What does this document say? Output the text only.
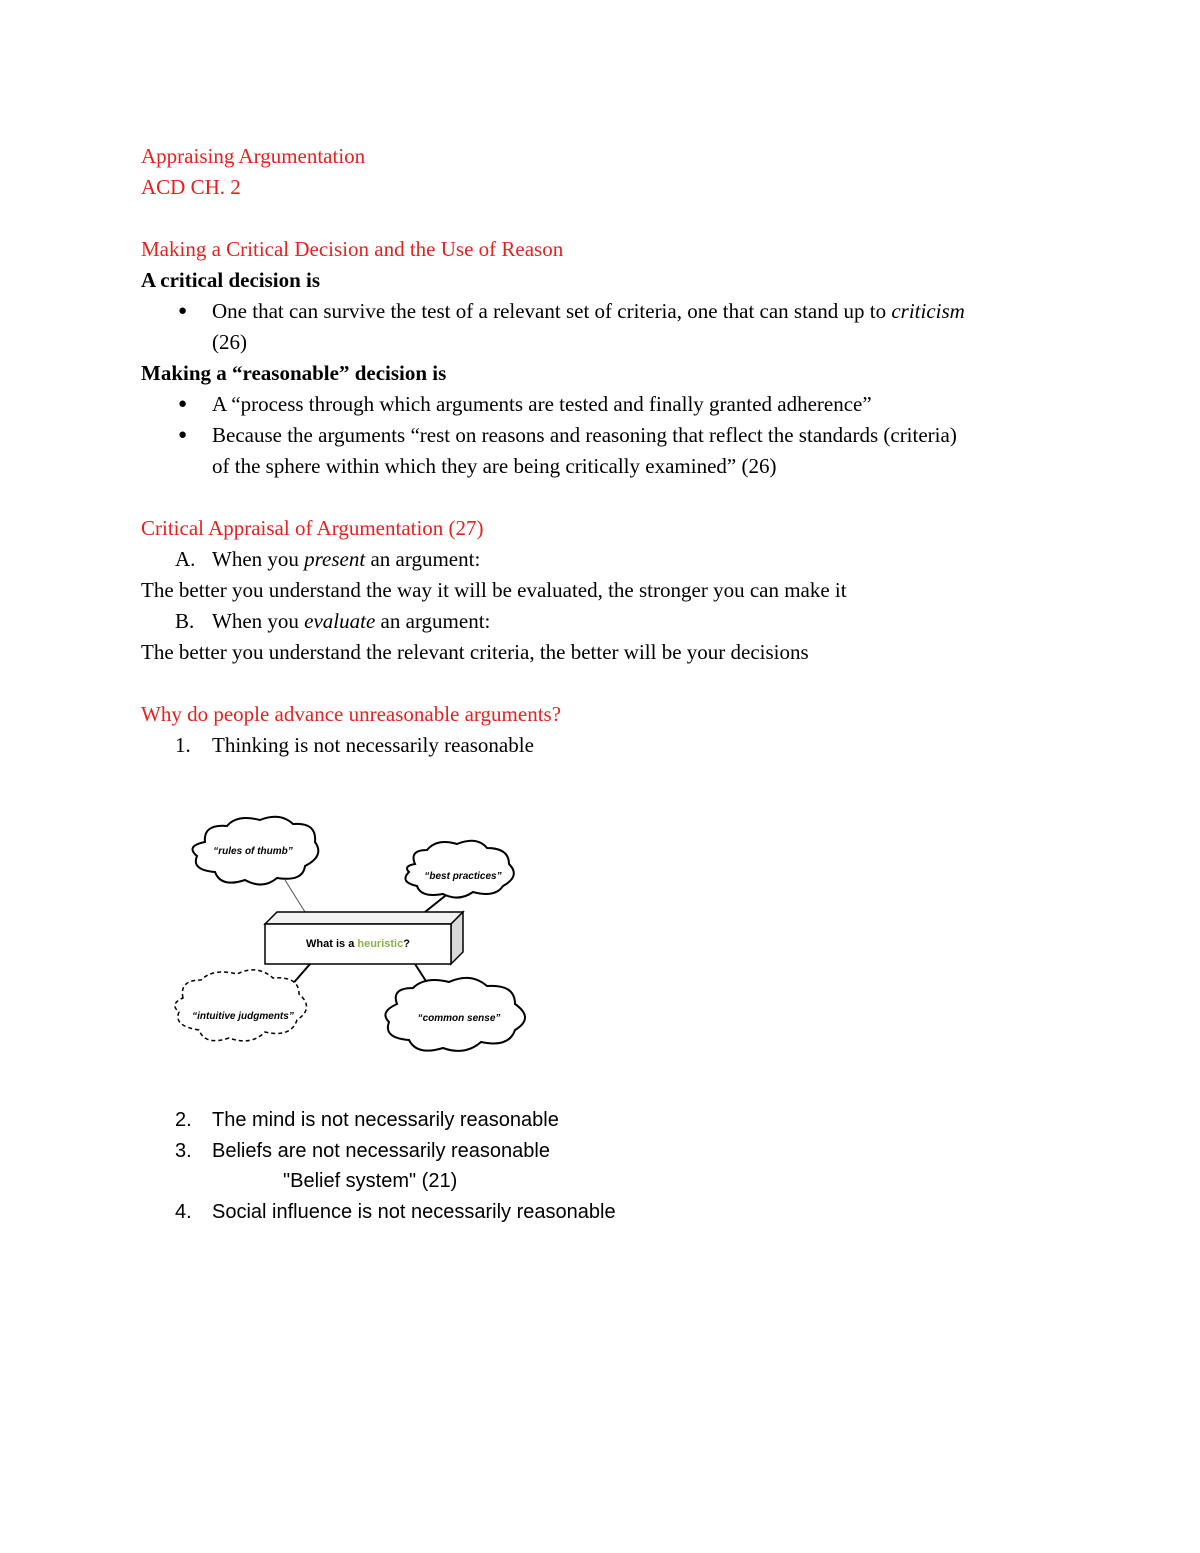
Appraising Argumentation
ACD CH. 2
Making a Critical Decision and the Use of Reason
A critical decision is
● One that can survive the test of a relevant set of criteria, one that can stand up to criticism
(26)
Making a “reasonable” decision is
● A “process through which arguments are tested and finally granted adherence”
● Because the arguments “rest on reasons and reasoning that reflect the standards (criteria)
of the sphere within which they are being critically examined” (26)
Critical Appraisal of Argumentation (27)
A. When you present an argument:
The better you understand the way it will be evaluated, the stronger you can make it
B. When you evaluate an argument:
The better you understand the relevant criteria, the better will be your decisions
Why do people advance unreasonable arguments?
1. Thinking is not necessarily reasonable
“rules of thumb”
“best practices”
What is a heuristic?
“intuitive judgments”	“common sense”
2. The mind is not necessarily reasonable
3. Beliefs are not necessarily reasonable
"Belief system" (21)
4. Social influence is not necessarily reasonable
